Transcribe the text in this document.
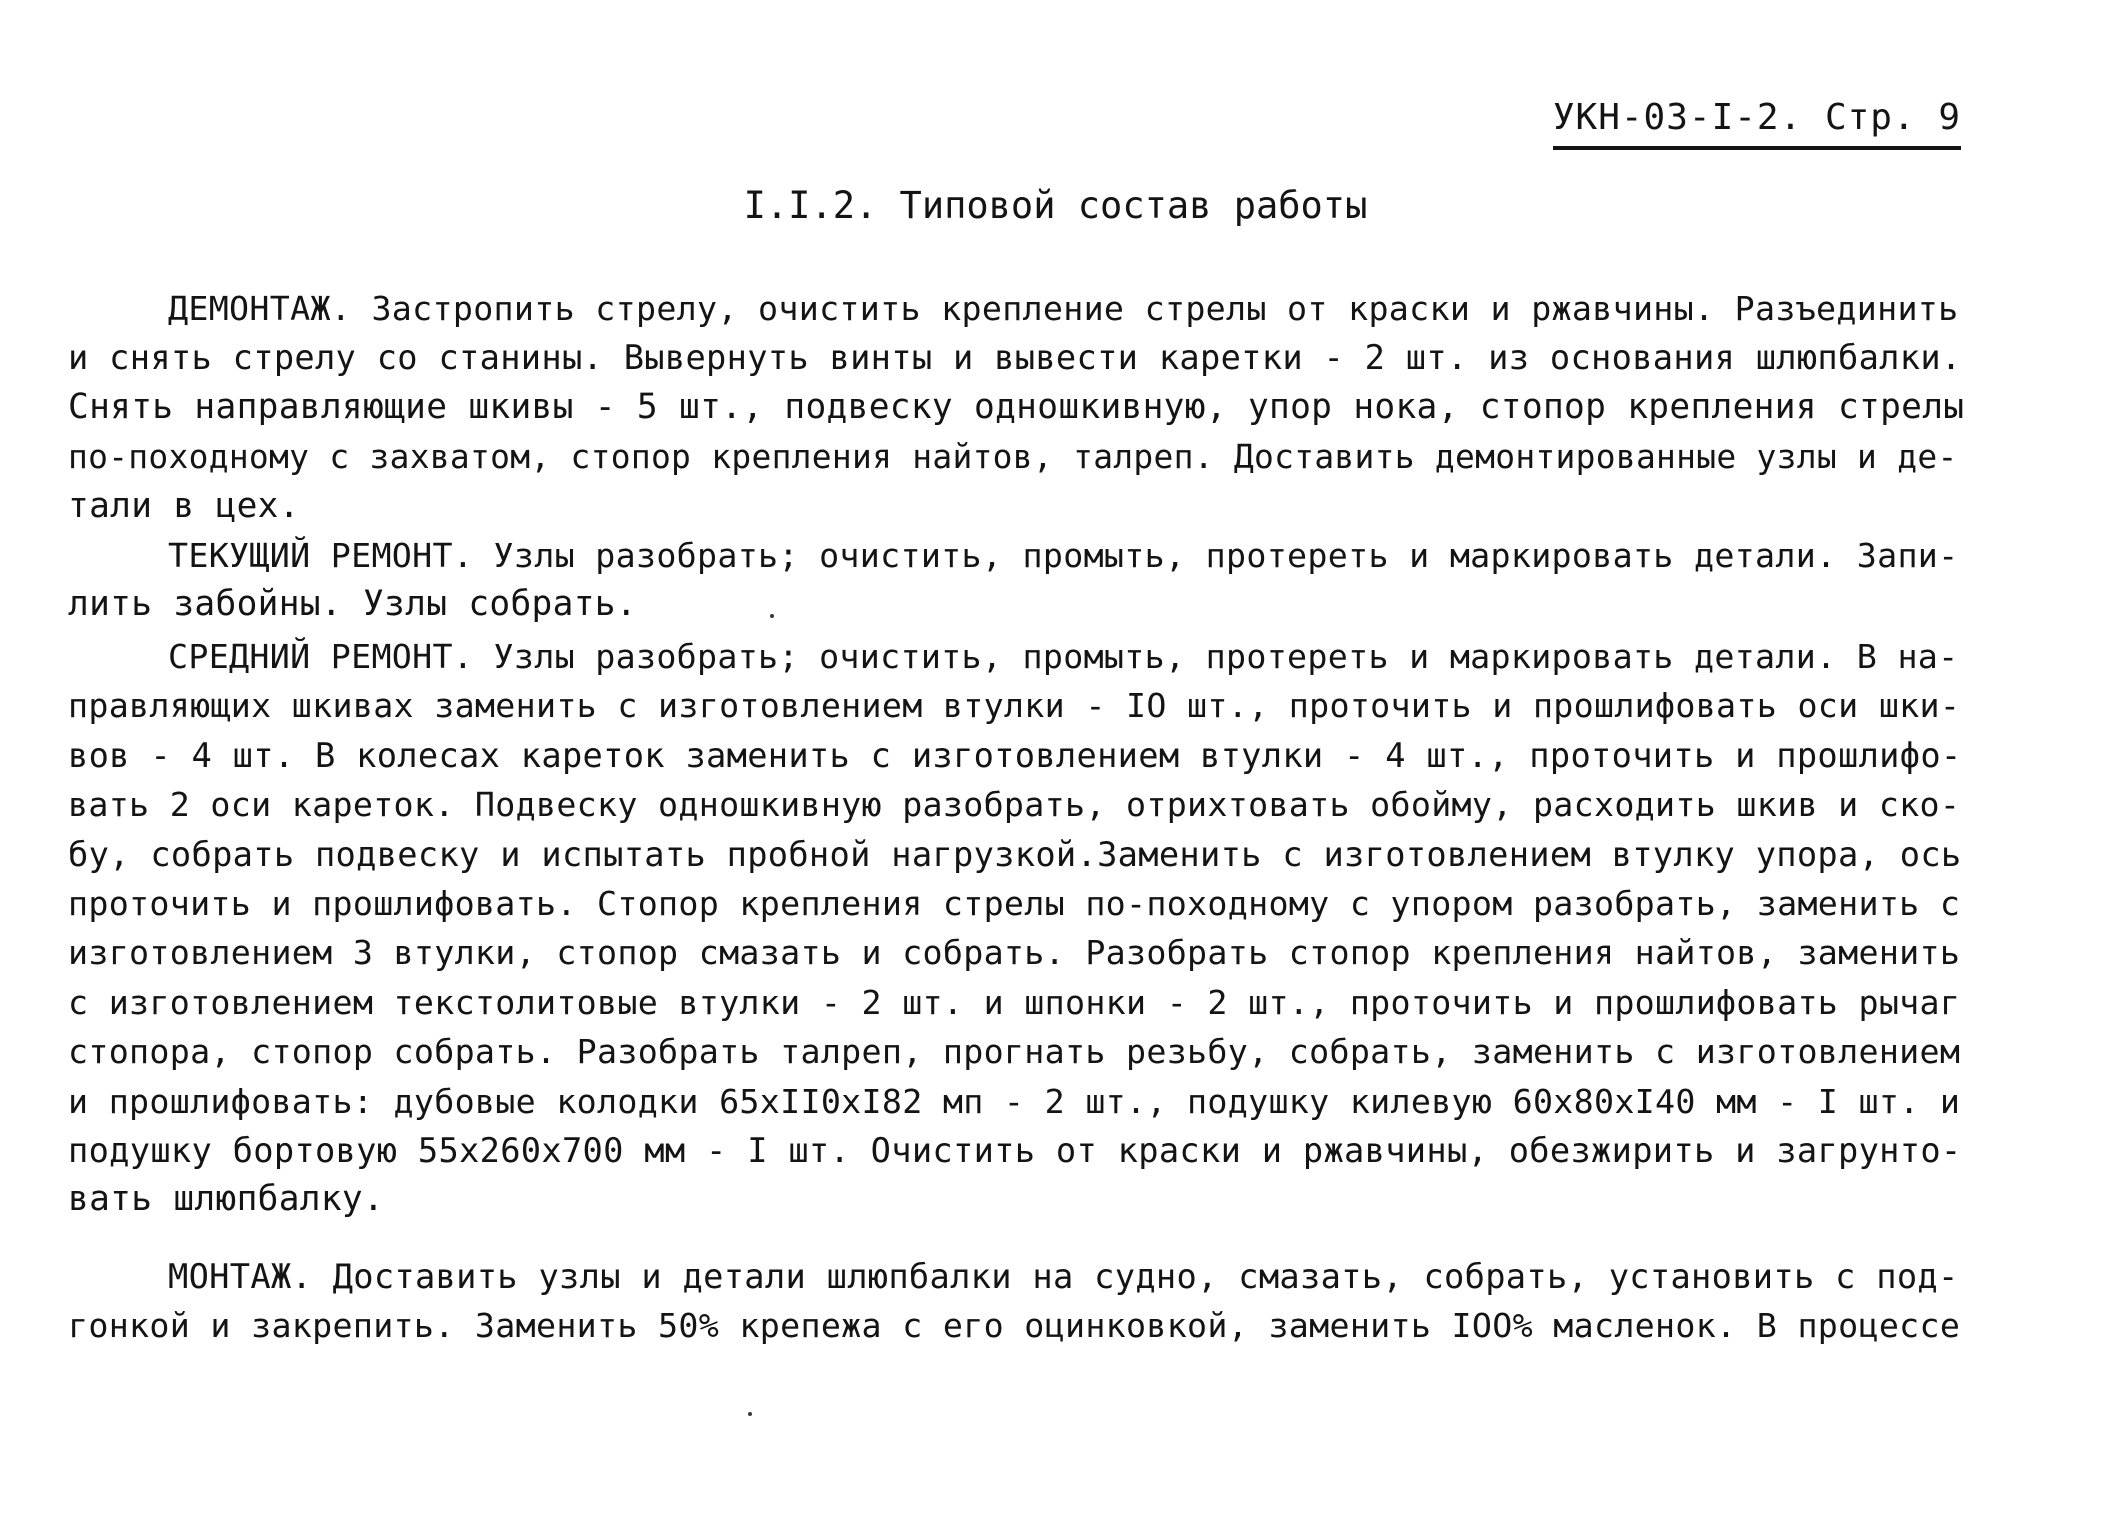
УКН-03-I-2. Стр. 9
I.I.2. Типовой состав работы
ДЕМОНТАЖ. Застропить стрелу, очистить крепление стрелы от краски и ржавчины. Разъединить
и снять стрелу со станины. Вывернуть винты и вывести каретки - 2 шт. из основания шлюпбалки.
Снять направляющие шкивы - 5 шт., подвеску одношкивную, упор нока, стопор крепления стрелы
по-походному с захватом, стопор крепления найтов, талреп. Доставить демонтированные узлы и де-
тали в цех.
ТЕКУЩИЙ РЕМОНТ. Узлы разобрать; очистить, промыть, протереть и маркировать детали. Запи-
лить забойны. Узлы собрать.
СРЕДНИЙ РЕМОНТ. Узлы разобрать; очистить, промыть, протереть и маркировать детали. В на-
правляющих шкивах заменить с изготовлением втулки - IO шт., проточить и прошлифовать оси шки-
вов - 4 шт. В колесах кареток заменить с изготовлением втулки - 4 шт., проточить и прошлифо-
вать 2 оси кареток. Подвеску одношкивную разобрать, отрихтовать обойму, расходить шкив и ско-
бу, собрать подвеску и испытать пробной нагрузкой.Заменить с изготовлением втулку упора, ось
проточить и прошлифовать. Стопор крепления стрелы по-походному с упором разобрать, заменить с
изготовлением 3 втулки, стопор смазать и собрать. Разобрать стопор крепления найтов, заменить
с изготовлением текстолитовые втулки - 2 шт. и шпонки - 2 шт., проточить и прошлифовать рычаг
стопора, стопор собрать. Разобрать талреп, прогнать резьбу, собрать, заменить с изготовлением
и прошлифовать: дубовые колодки 65хII0хI82 мп - 2 шт., подушку килевую 60х80хI40 мм - I шт. и
подушку бортовую 55х260х700 мм - I шт. Очистить от краски и ржавчины, обезжирить и загрунто-
вать шлюпбалку.
МОНТАЖ. Доставить узлы и детали шлюпбалки на судно, смазать, собрать, установить с под-
гонкой и закрепить. Заменить 50% крепежа с его оцинковкой, заменить IOO% масленок. В процессе
